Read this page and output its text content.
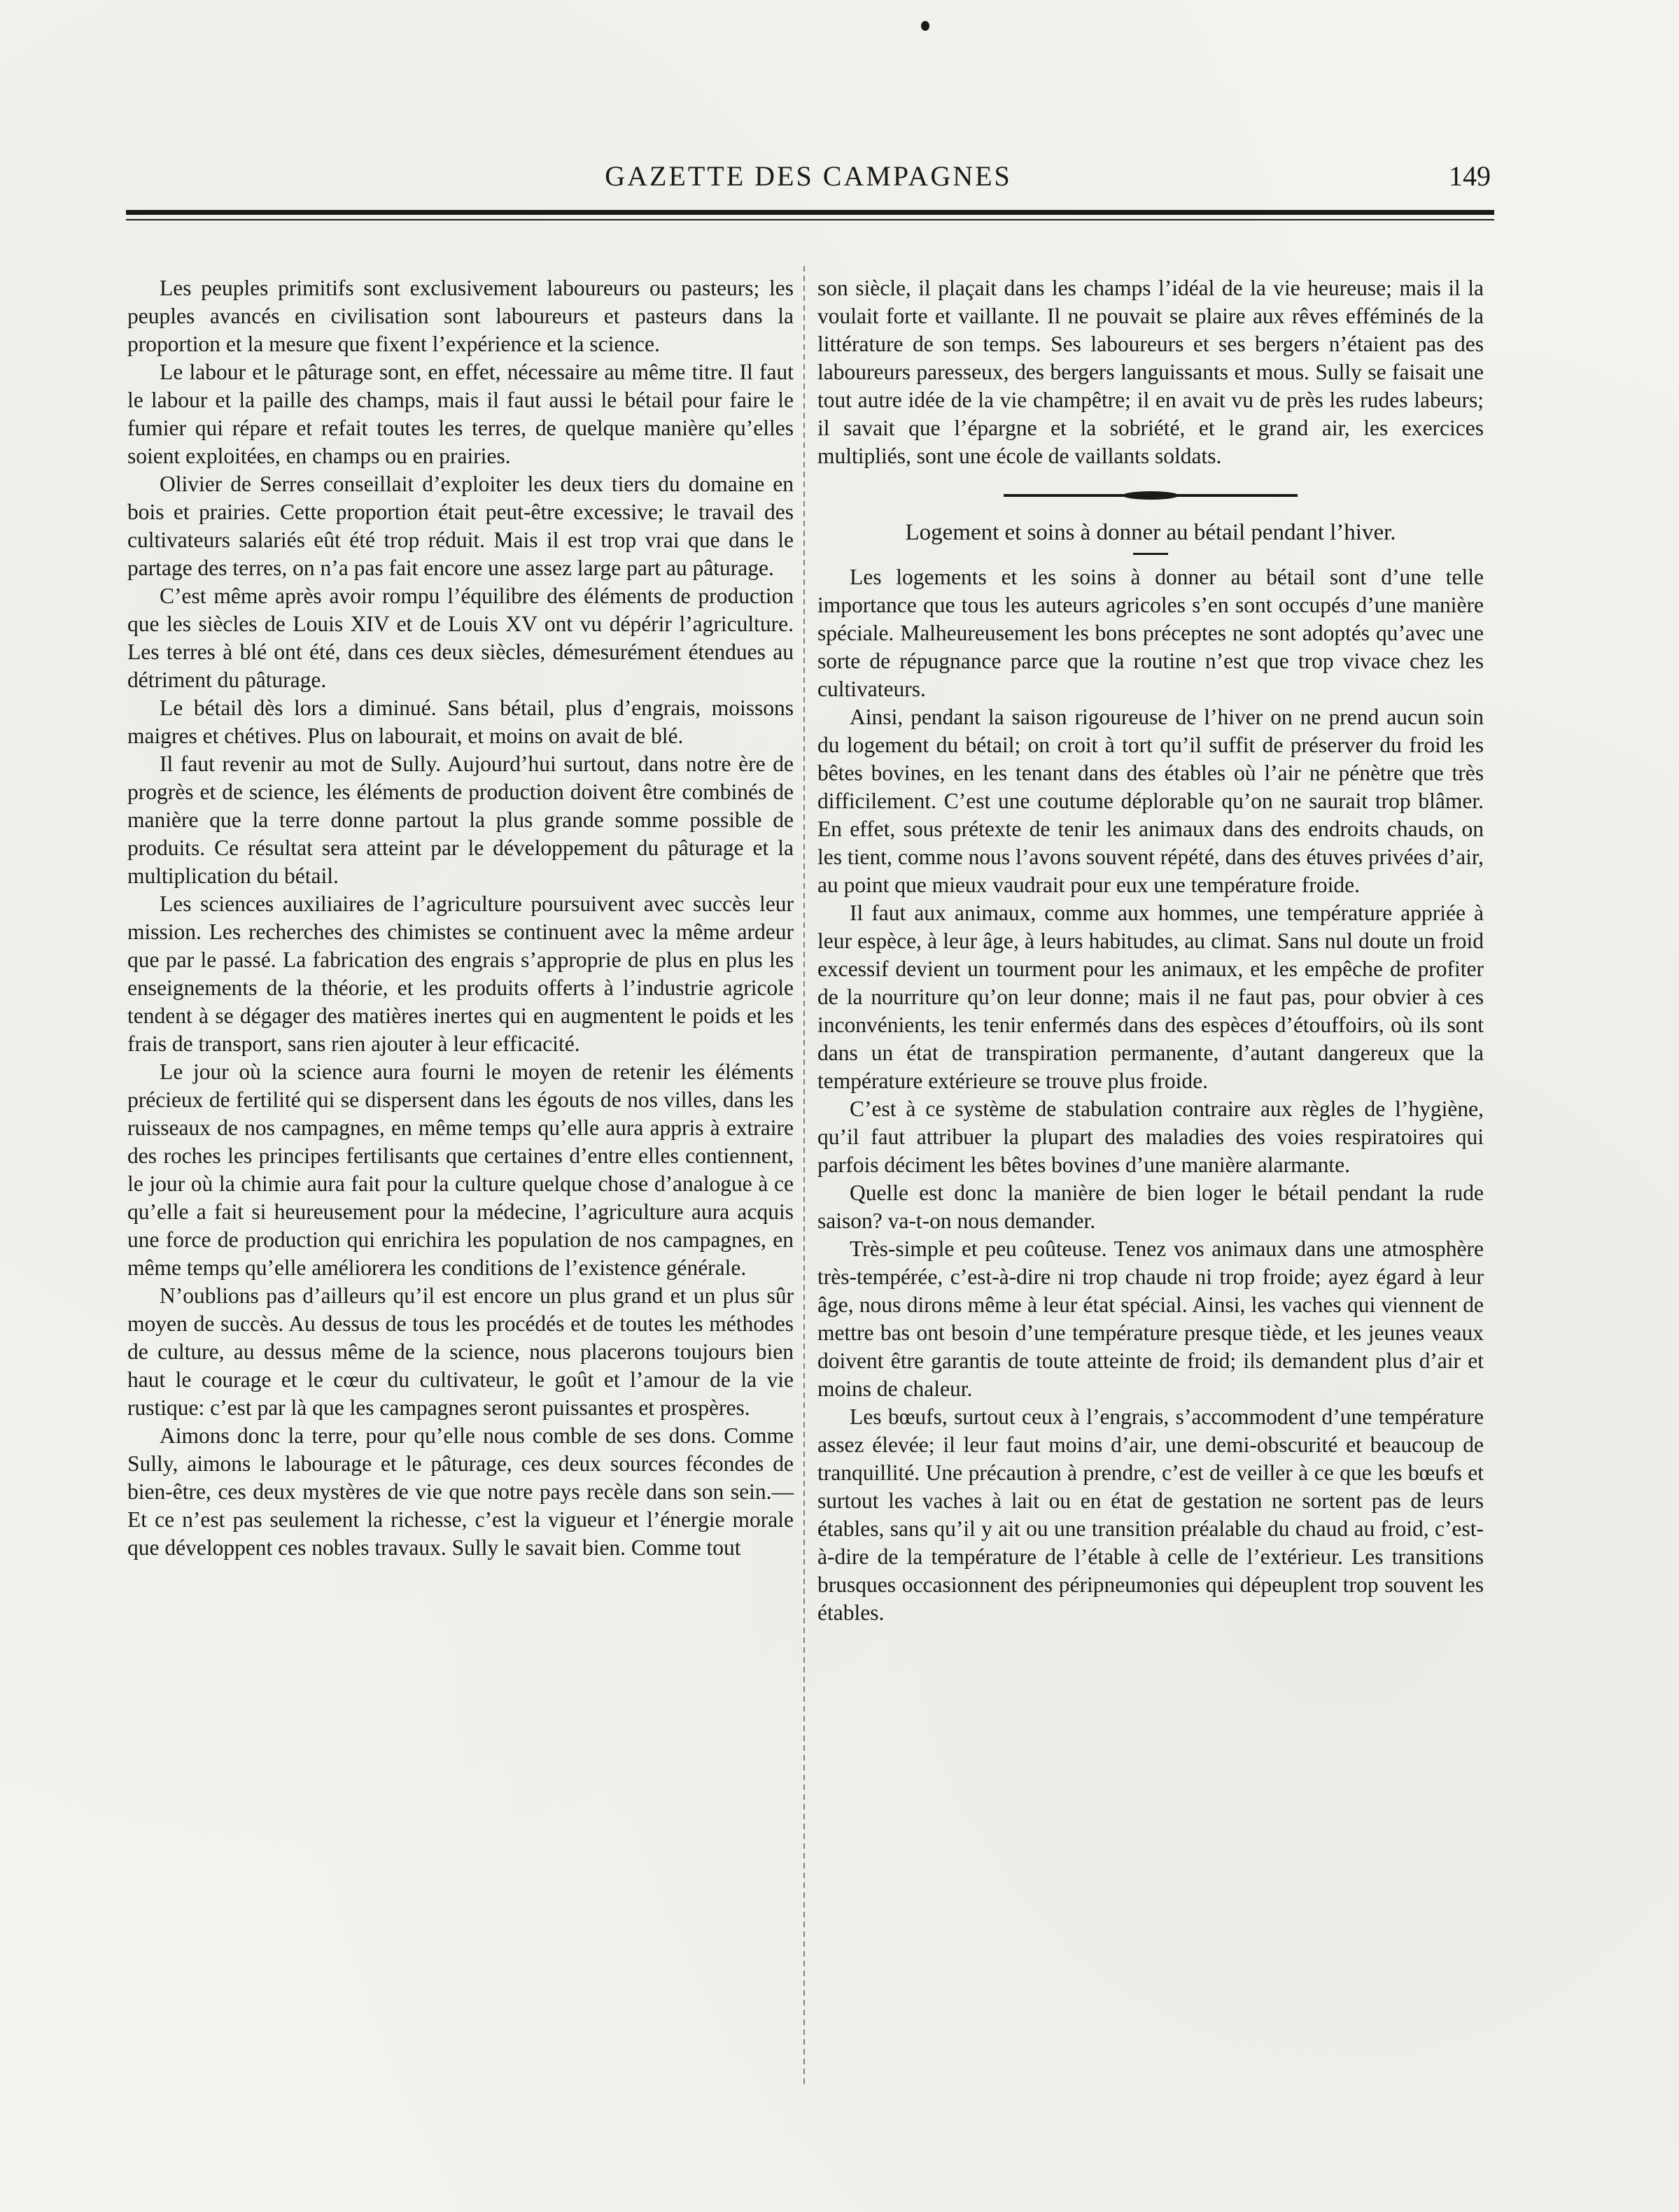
GAZETTE DES CAMPAGNES	149

Les peuples primitifs sont exclusivement laboureurs ou pasteurs; les peuples avancés en civilisation sont laboureurs et pasteurs dans la proportion et la mesure que fixent l’expérience et la science.

Le labour et le pâturage sont, en effet, nécessaire au même titre. Il faut le labour et la paille des champs, mais il faut aussi le bétail pour faire le fumier qui répare et refait toutes les terres, de quelque manière qu’elles soient exploitées, en champs ou en prairies.

Olivier de Serres conseillait d’exploiter les deux tiers du domaine en bois et prairies. Cette proportion était peut-être excessive; le travail des cultivateurs salariés eût été trop réduit. Mais il est trop vrai que dans le partage des terres, on n’a pas fait encore une assez large part au pâturage.

C’est même après avoir rompu l’équilibre des éléments de production que les siècles de Louis XIV et de Louis XV ont vu dépérir l’agriculture. Les terres à blé ont été, dans ces deux siècles, démesurément étendues au détriment du pâturage.

Le bétail dès lors a diminué. Sans bétail, plus d’engrais, moissons maigres et chétives. Plus on labourait, et moins on avait de blé.

Il faut revenir au mot de Sully. Aujourd’hui surtout, dans notre ère de progrès et de science, les éléments de production doivent être combinés de manière que la terre donne partout la plus grande somme possible de produits. Ce résultat sera atteint par le développement du pâturage et la multiplication du bétail.

Les sciences auxiliaires de l’agriculture poursuivent avec succès leur mission. Les recherches des chimistes se continuent avec la même ardeur que par le passé. La fabrication des engrais s’approprie de plus en plus les enseignements de la théorie, et les produits offerts à l’industrie agricole tendent à se dégager des matières inertes qui en augmentent le poids et les frais de transport, sans rien ajouter à leur efficacité.

Le jour où la science aura fourni le moyen de retenir les éléments précieux de fertilité qui se dispersent dans les égouts de nos villes, dans les ruisseaux de nos campagnes, en même temps qu’elle aura appris à extraire des roches les principes fertilisants que certaines d’entre elles contiennent, le jour où la chimie aura fait pour la culture quelque chose d’analogue à ce qu’elle a fait si heureusement pour la médecine, l’agriculture aura acquis une force de production qui enrichira les population de nos campagnes, en même temps qu’elle améliorera les conditions de l’existence générale.

N’oublions pas d’ailleurs qu’il est encore un plus grand et un plus sûr moyen de succès. Au dessus de tous les procédés et de toutes les méthodes de culture, au dessus même de la science, nous placerons toujours bien haut le courage et le cœur du cultivateur, le goût et l’amour de la vie rustique: c’est par là que les campagnes seront puissantes et prospères.

Aimons donc la terre, pour qu’elle nous comble de ses dons. Comme Sully, aimons le labourage et le pâturage, ces deux sources fécondes de bien-être, ces deux mystères de vie que notre pays recèle dans son sein.—Et ce n’est pas seulement la richesse, c’est la vigueur et l’énergie morale que développent ces nobles travaux. Sully le savait bien. Comme tout

son siècle, il plaçait dans les champs l’idéal de la vie heureuse; mais il la voulait forte et vaillante. Il ne pouvait se plaire aux rêves efféminés de la littérature de son temps. Ses laboureurs et ses bergers n’étaient pas des laboureurs paresseux, des bergers languissants et mous. Sully se faisait une tout autre idée de la vie champêtre; il en avait vu de près les rudes labeurs; il savait que l’épargne et la sobriété, et le grand air, les exercices multipliés, sont une école de vaillants soldats.

Logement et soins à donner au bétail pendant l’hiver.

Les logements et les soins à donner au bétail sont d’une telle importance que tous les auteurs agricoles s’en sont occupés d’une manière spéciale. Malheureusement les bons préceptes ne sont adoptés qu’avec une sorte de répugnance parce que la routine n’est que trop vivace chez les cultivateurs.

Ainsi, pendant la saison rigoureuse de l’hiver on ne prend aucun soin du logement du bétail; on croit à tort qu’il suffit de préserver du froid les bêtes bovines, en les tenant dans des étables où l’air ne pénètre que très difficilement. C’est une coutume déplorable qu’on ne saurait trop blâmer. En effet, sous prétexte de tenir les animaux dans des endroits chauds, on les tient, comme nous l’avons souvent répété, dans des étuves privées d’air, au point que mieux vaudrait pour eux une température froide.

Il faut aux animaux, comme aux hommes, une température appriée à leur espèce, à leur âge, à leurs habitudes, au climat. Sans nul doute un froid excessif devient un tourment pour les animaux, et les empêche de profiter de la nourriture qu’on leur donne; mais il ne faut pas, pour obvier à ces inconvénients, les tenir enfermés dans des espèces d’étouffoirs, où ils sont dans un état de transpiration permanente, d’autant dangereux que la température extérieure se trouve plus froide.

C’est à ce système de stabulation contraire aux règles de l’hygiène, qu’il faut attribuer la plupart des maladies des voies respiratoires qui parfois déciment les bêtes bovines d’une manière alarmante.

Quelle est donc la manière de bien loger le bétail pendant la rude saison? va-t-on nous demander.

Très-simple et peu coûteuse. Tenez vos animaux dans une atmosphère très-tempérée, c’est-à-dire ni trop chaude ni trop froide; ayez égard à leur âge, nous dirons même à leur état spécial. Ainsi, les vaches qui viennent de mettre bas ont besoin d’une température presque tiède, et les jeunes veaux doivent être garantis de toute atteinte de froid; ils demandent plus d’air et moins de chaleur.

Les bœufs, surtout ceux à l’engrais, s’accommodent d’une température assez élevée; il leur faut moins d’air, une demi-obscurité et beaucoup de tranquillité. Une précaution à prendre, c’est de veiller à ce que les bœufs et surtout les vaches à lait ou en état de gestation ne sortent pas de leurs étables, sans qu’il y ait ou une transition préalable du chaud au froid, c’est-à-dire de la température de l’étable à celle de l’extérieur. Les transitions brusques occasionnent des péripneumonies qui dépeuplent trop souvent les étables.
